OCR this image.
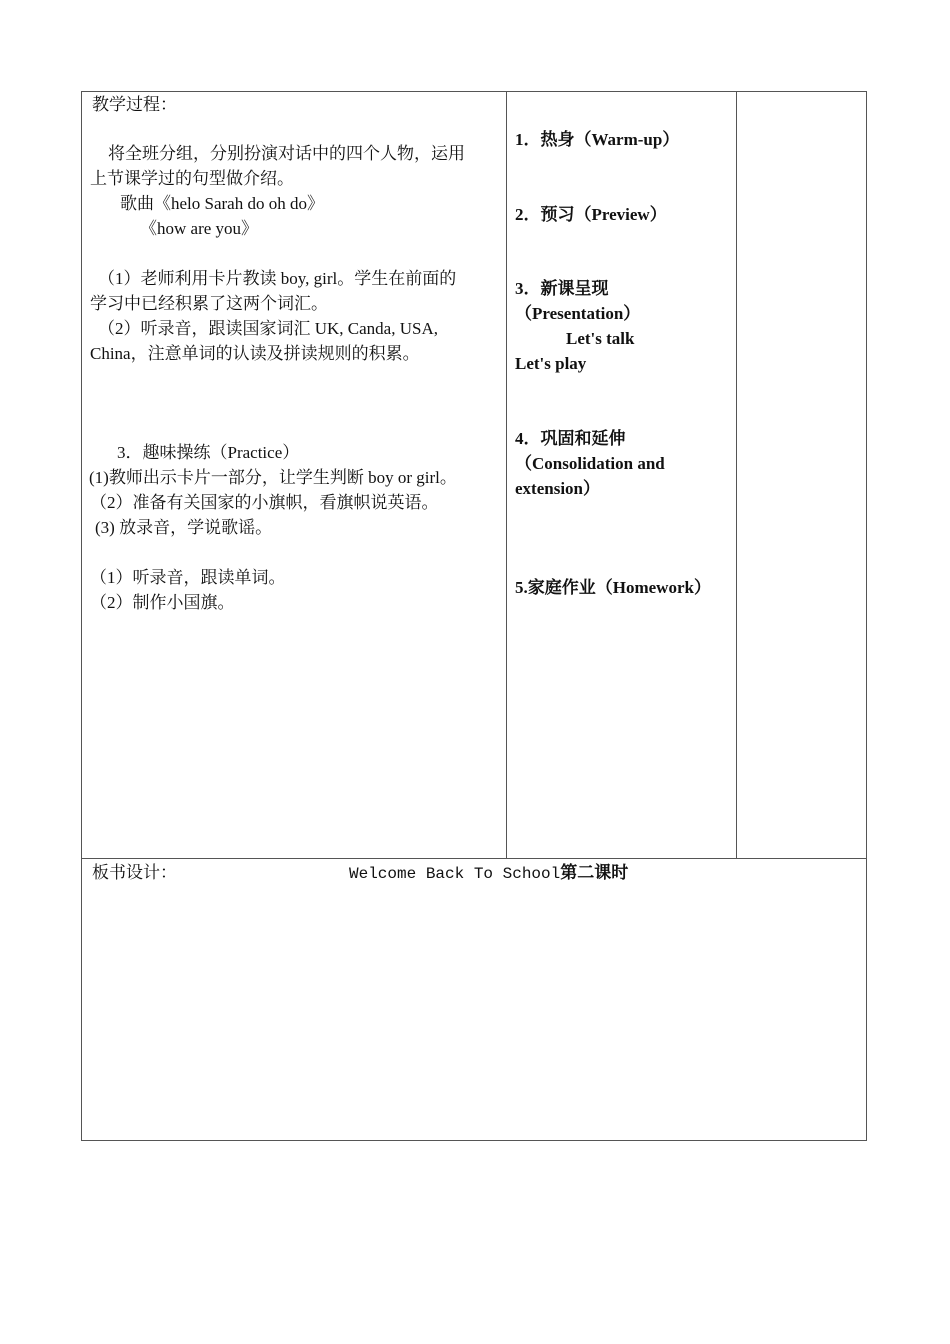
教学过程：
将全班分组，分别扮演对话中的四个人物，运用
上节课学过的句型做介绍。
歌曲《helo Sarah do oh do》
《how are you》
（1）老师利用卡片教读 boy, girl。学生在前面的
学习中已经积累了这两个词汇。
（2）听录音，跟读国家词汇 UK, Canda, USA,
China，注意单词的认读及拼读规则的积累。
3．趣味操练（Practice）
(1)教师出示卡片一部分，让学生判断 boy or girl。
（2）准备有关国家的小旗帜，看旗帜说英语。
(3) 放录音，学说歌谣。
（1）听录音，跟读单词。
（2）制作小国旗。
1．热身（Warm-up）
2．预习（Preview）
3．新课呈现
（Presentation）
Let's talk
Let's play
4．巩固和延伸
（Consolidation and
extension）
5.家庭作业（Homework）
板书设计：	Welcome Back To School第二课时
